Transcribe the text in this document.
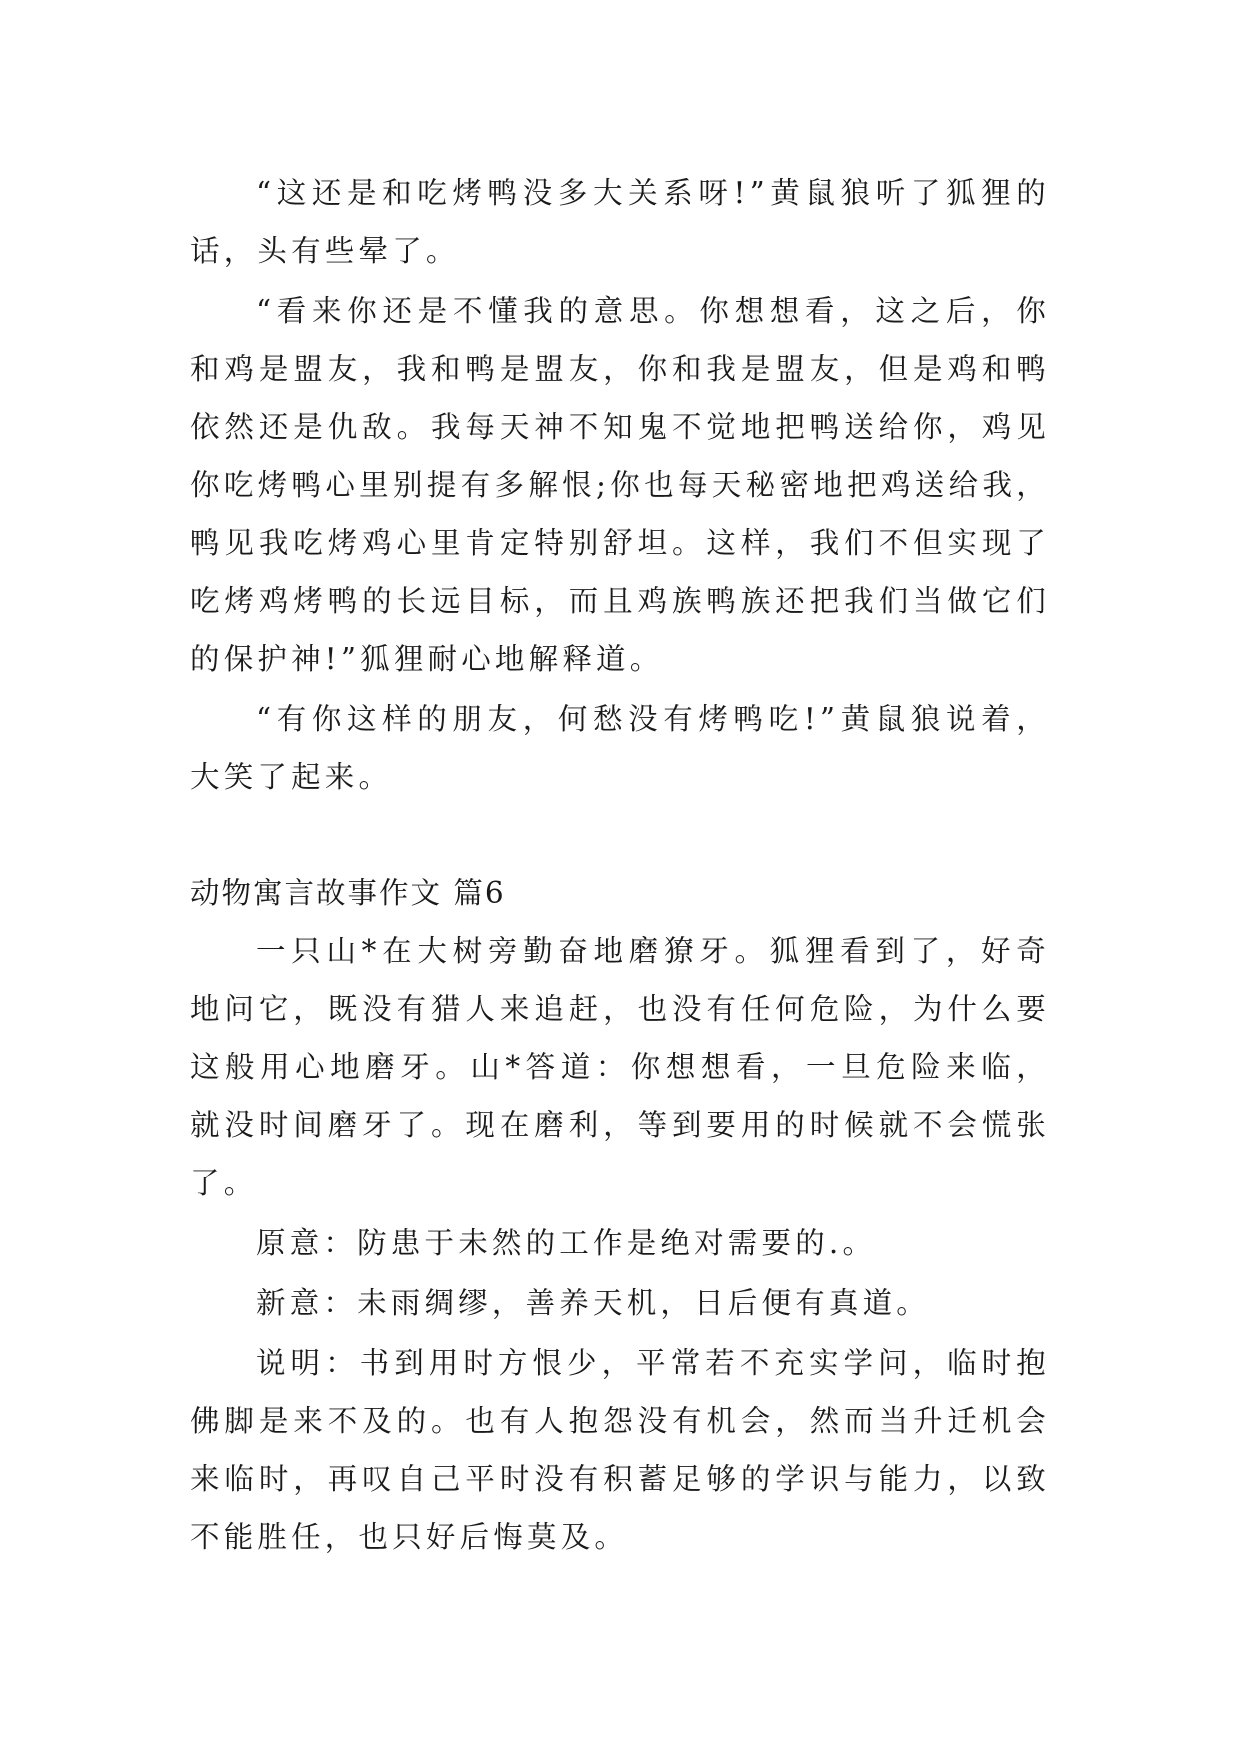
“这还是和吃烤鸭没多大关系呀!”黄鼠狼听了狐狸的话，头有些晕了。

“看来你还是不懂我的意思。你想想看，这之后，你和鸡是盟友，我和鸭是盟友，你和我是盟友，但是鸡和鸭依然还是仇敌。我每天神不知鬼不觉地把鸭送给你，鸡见你吃烤鸭心里别提有多解恨;你也每天秘密地把鸡送给我，鸭见我吃烤鸡心里肯定特别舒坦。这样，我们不但实现了吃烤鸡烤鸭的长远目标，而且鸡族鸭族还把我们当做它们的保护神!”狐狸耐心地解释道。

“有你这样的朋友，何愁没有烤鸭吃!”黄鼠狼说着，大笑了起来。

动物寓言故事作文 篇6

一只山*在大树旁勤奋地磨獠牙。狐狸看到了，好奇地问它，既没有猎人来追赶，也没有任何危险，为什么要这般用心地磨牙。山*答道：你想想看，一旦危险来临，就没时间磨牙了。现在磨利，等到要用的时候就不会慌张了。

原意：防患于未然的工作是绝对需要的.。

新意：未雨绸缪，善养天机，日后便有真道。

说明：书到用时方恨少，平常若不充实学问，临时抱佛脚是来不及的。也有人抱怨没有机会，然而当升迁机会来临时，再叹自己平时没有积蓄足够的学识与能力，以致不能胜任，也只好后悔莫及。
